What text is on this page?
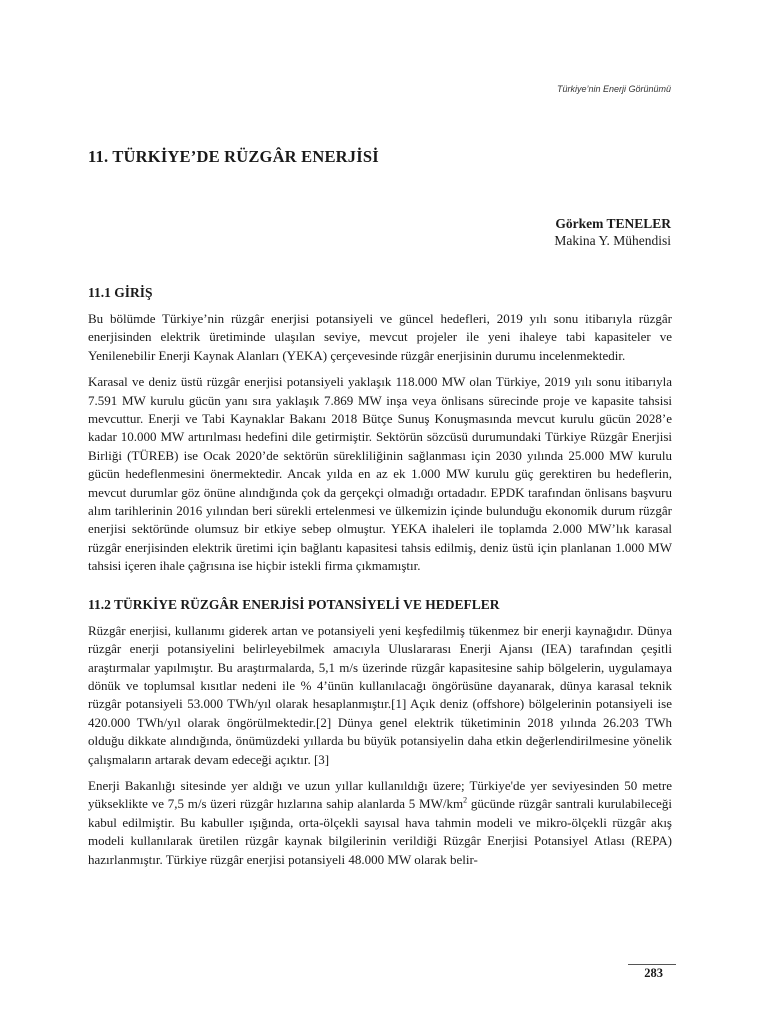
Türkiye’nin Enerji Görünümü
11. TÜRKİYE’DE RÜZGÂR ENERJİSİ
Görkem TENELER
Makina Y. Mühendisi
11.1 GİRİŞ

Bu bölümde Türkiye’nin rüzgâr enerjisi potansiyeli ve güncel hedefleri, 2019 yılı sonu itibarıyla rüzgâr enerjisinden elektrik üretiminde ulaşılan seviye, mevcut projeler ile yeni ihaleye tabi kapasiteler ve Yenilenebilir Enerji Kaynak Alanları (YEKA) çerçevesinde rüzgâr enerjisinin durumu incelenmektedir.

Karasal ve deniz üstü rüzgâr enerjisi potansiyeli yaklaşık 118.000 MW olan Türkiye, 2019 yılı sonu itibarıyla 7.591 MW kurulu gücün yanı sıra yaklaşık 7.869 MW inşa veya önlisans sürecinde proje ve kapasite tahsisi mevcuttur. Enerji ve Tabi Kaynaklar Bakanı 2018 Bütçe Sunuş Konuşmasında mevcut kurulu gücün 2028’e kadar 10.000 MW artırılması hedefini dile getirmiştir. Sektörün sözcüsü durumundaki Türkiye Rüzgâr Enerjisi Birliği (TÜREB) ise Ocak 2020’de sektörün sürekliliğinin sağlanması için 2030 yılında 25.000 MW kurulu gücün hedeflenmesini önermektedir. Ancak yılda en az ek 1.000 MW kurulu güç gerektiren bu hedeflerin, mevcut durumlar göz önüne alındığında çok da gerçekçi olmadığı ortadadır. EPDK tarafından önlisans başvuru alım tarihlerinin 2016 yılından beri sürekli ertelenmesi ve ülkemizin içinde bulunduğu ekonomik durum rüzgâr enerjisi sektöründe olumsuz bir etkiye sebep olmuştur. YEKA ihaleleri ile toplamda 2.000 MW’lık karasal rüzgâr enerjisinden elektrik üretimi için bağlantı kapasitesi tahsis edilmiş, deniz üstü için planlanan 1.000 MW tahsisi içeren ihale çağrısına ise hiçbir istekli firma çıkmamıştır.

11.2 TÜRKİYE RÜZGÂR ENERJİSİ POTANSİYELİ VE HEDEFLER

Rüzgâr enerjisi, kullanımı giderek artan ve potansiyeli yeni keşfedilmiş tükenmez bir enerji kaynağıdır. Dünya rüzgâr enerji potansiyelini belirleyebilmek amacıyla Uluslararası Enerji Ajansı (IEA) tarafından çeşitli araştırmalar yapılmıştır. Bu araştırmalarda, 5,1 m/s üzerinde rüzgâr kapasitesine sahip bölgelerin, uygulamaya dönük ve toplumsal kısıtlar nedeni ile % 4’ünün kullanılacağı öngörüsüne dayanarak, dünya karasal teknik rüzgâr potansiyeli 53.000 TWh/yıl olarak hesaplanmıştır.[1] Açık deniz (offshore) bölgelerinin potansiyeli ise 420.000 TWh/yıl olarak öngörülmektedir.[2] Dünya genel elektrik tüketiminin 2018 yılında 26.203 TWh olduğu dikkate alındığında, önümüzdeki yıllarda bu büyük potansiyelin daha etkin değerlendirilmesine yönelik çalışmaların artarak devam edeceği açıktır. [3]

Enerji Bakanlığı sitesinde yer aldığı ve uzun yıllar kullanıldığı üzere; Türkiye'de yer seviyesinden 50 metre yükseklikte ve 7,5 m/s üzeri rüzgâr hızlarına sahip alanlarda 5 $MW/km^2$ gücünde rüzgâr santrali kurulabileceği kabul edilmiştir. Bu kabuller ışığında, orta-ölçekli sayısal hava tahmin modeli ve mikro-ölçekli rüzgâr akış modeli kullanılarak üretilen rüzgâr kaynak bilgilerinin verildiği Rüzgâr Enerjisi Potansiyel Atlası (REPA) hazırlanmıştır. Türkiye rüzgâr enerjisi potansiyeli 48.000 MW olarak belir-

283
